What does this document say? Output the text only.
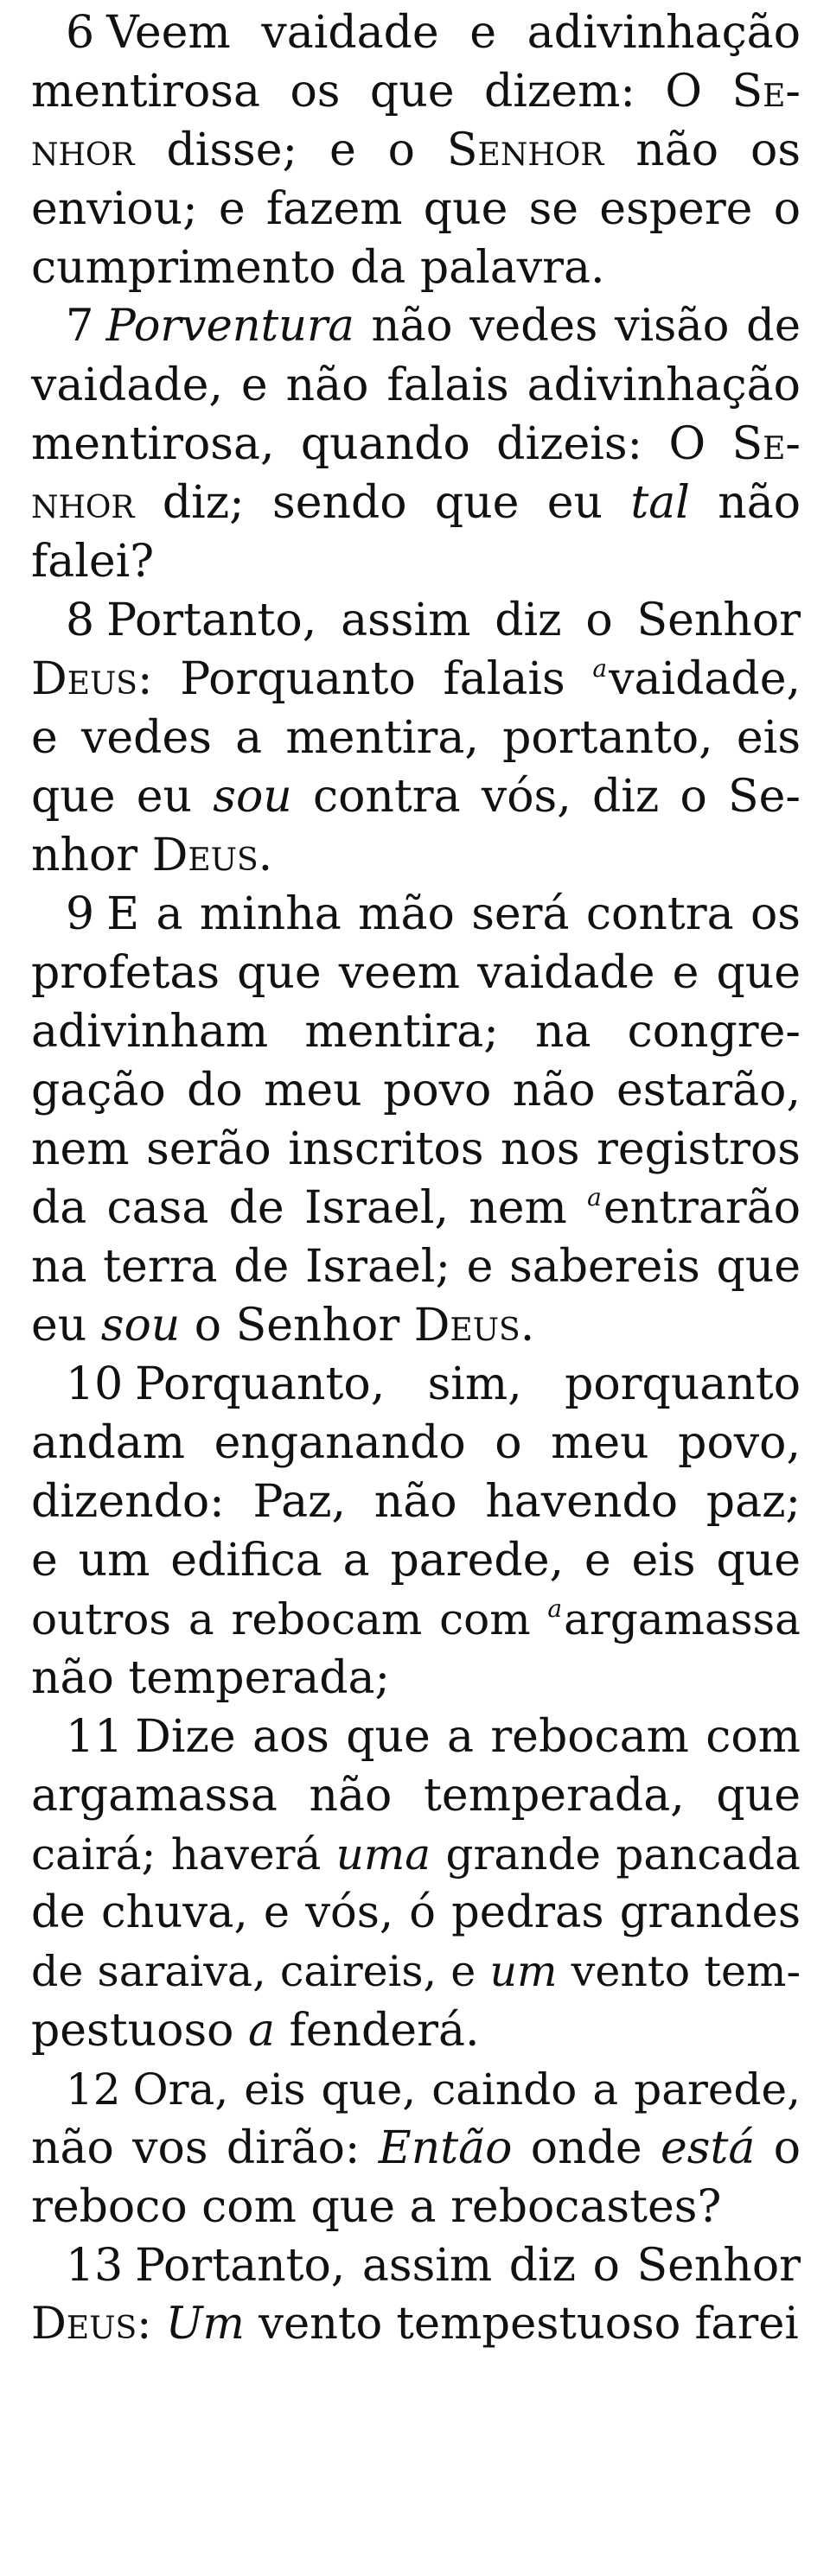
6 Veem vaidade e adivinhação
mentirosa os que dizem: O Se-
nhor disse; e o Senhor não os
enviou; e fazem que se espere o
cumprimento da palavra.
7 Porventura não vedes visão de
vaidade, e não falais adivinhação
mentirosa, quando dizeis: O Se-
nhor diz; sendo que eu tal não
falei?
8 Portanto, assim diz o Senhor
Deus: Porquanto falais $^a$vaidade,
e vedes a mentira, portanto, eis
que eu sou contra vós, diz o Se-
nhor Deus.
9 E a minha mão será contra os
profetas que veem vaidade e que
adivinham mentira; na congre-
gação do meu povo não estarão,
nem serão inscritos nos registros
da casa de Israel, nem $^a$entrarão
na terra de Israel; e sabereis que
eu sou o Senhor Deus.
10 Porquanto, sim, porquanto
andam enganando o meu povo,
dizendo: Paz, não havendo paz;
e um edifica a parede, e eis que
outros a rebocam com $^a$argamassa
não temperada;
11 Dize aos que a rebocam com
argamassa não temperada, que
cairá; haverá uma grande pancada
de chuva, e vós, ó pedras grandes
de saraiva, caireis, e um vento tem-
pestuoso a fenderá.
12 Ora, eis que, caindo a parede,
não vos dirão: Então onde está o
reboco com que a rebocastes?
13 Portanto, assim diz o Senhor
Deus: Um vento tempestuoso farei
